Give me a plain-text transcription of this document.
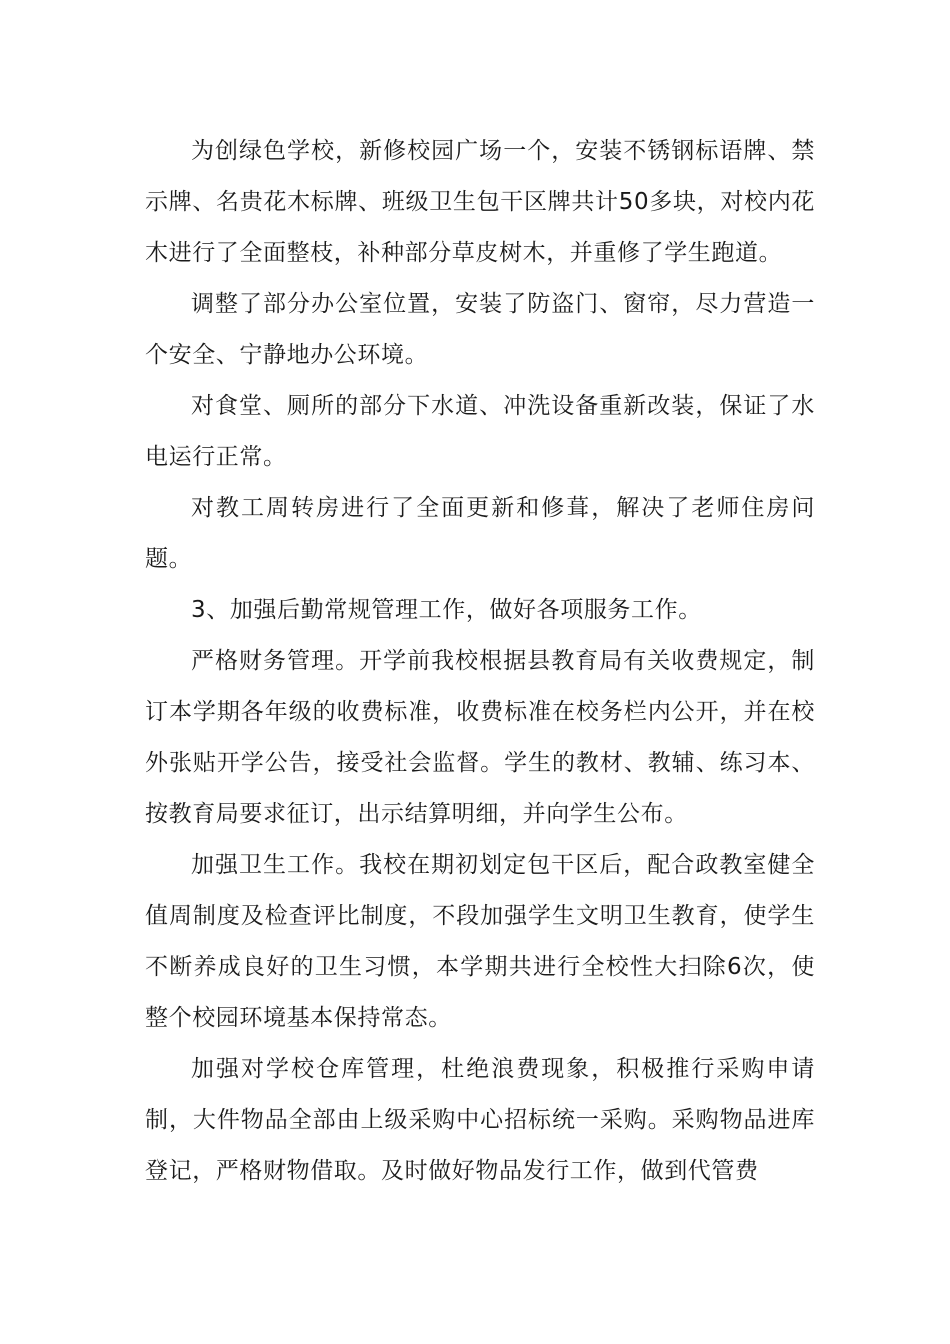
为创绿色学校，新修校园广场一个，安装不锈钢标语牌、禁示牌、名贵花木标牌、班级卫生包干区牌共计50多块，对校内花木进行了全面整枝，补种部分草皮树木，并重修了学生跑道。

调整了部分办公室位置，安装了防盗门、窗帘，尽力营造一个安全、宁静地办公环境。

对食堂、厕所的部分下水道、冲洗设备重新改装，保证了水电运行正常。

对教工周转房进行了全面更新和修葺，解决了老师住房问题。

3、加强后勤常规管理工作，做好各项服务工作。

严格财务管理。开学前我校根据县教育局有关收费规定，制订本学期各年级的收费标准，收费标准在校务栏内公开，并在校外张贴开学公告，接受社会监督。学生的教材、教辅、练习本、按教育局要求征订，出示结算明细，并向学生公布。

加强卫生工作。我校在期初划定包干区后，配合政教室健全值周制度及检查评比制度，不段加强学生文明卫生教育，使学生不断养成良好的卫生习惯，本学期共进行全校性大扫除6次，使整个校园环境基本保持常态。

加强对学校仓库管理，杜绝浪费现象，积极推行采购申请制，大件物品全部由上级采购中心招标统一采购。采购物品进库登记，严格财物借取。及时做好物品发行工作，做到代管费
